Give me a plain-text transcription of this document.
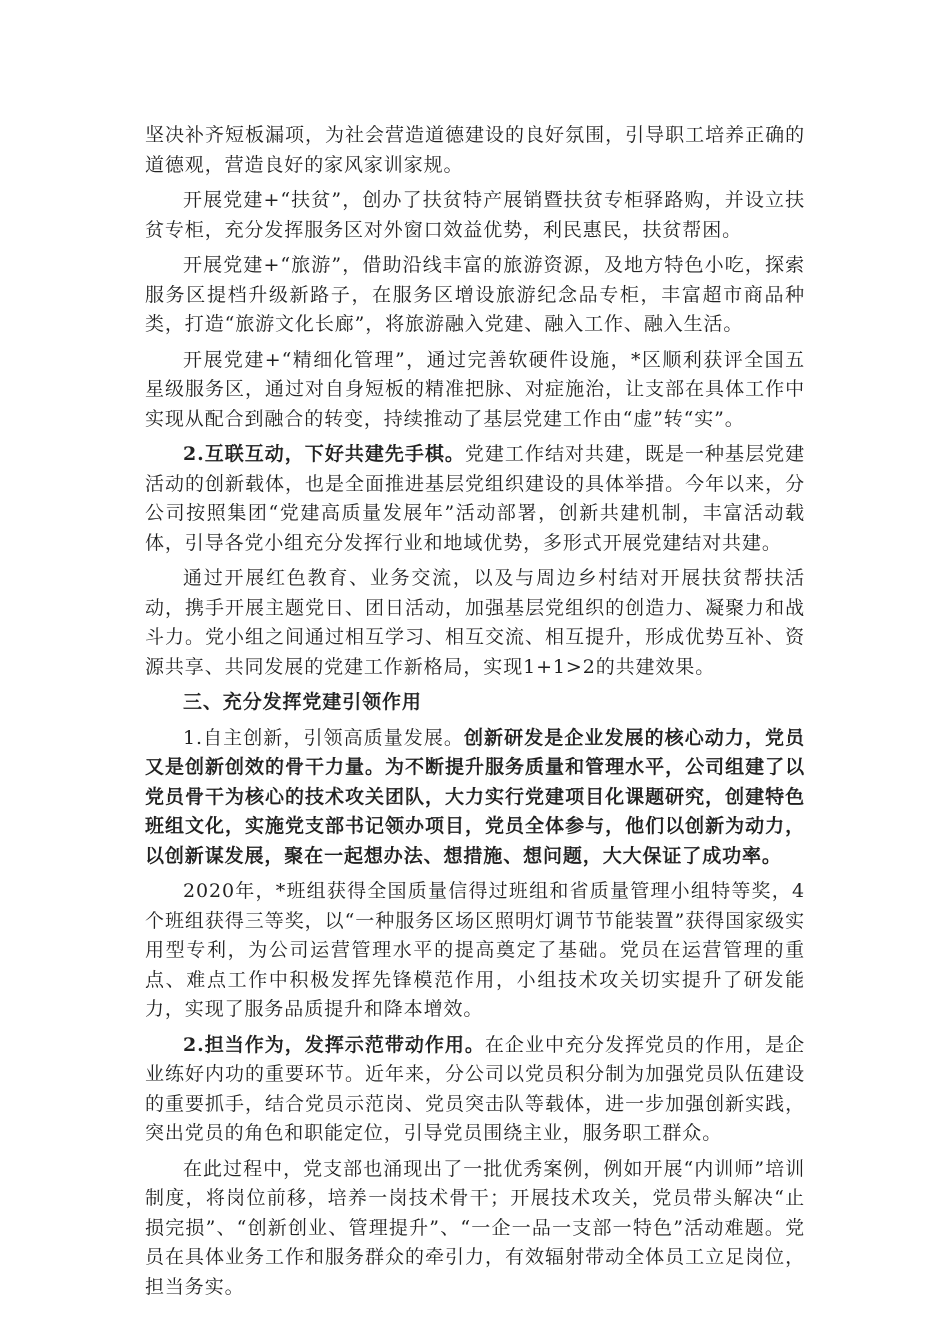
坚决补齐短板漏项，为社会营造道德建设的良好氛围，引导职工培养正确的道德观，营造良好的家风家训家规。

开展党建+“扶贫”，创办了扶贫特产展销暨扶贫专柜驿路购，并设立扶贫专柜，充分发挥服务区对外窗口效益优势，利民惠民，扶贫帮困。

开展党建+“旅游”，借助沿线丰富的旅游资源，及地方特色小吃，探索服务区提档升级新路子，在服务区增设旅游纪念品专柜，丰富超市商品种类，打造“旅游文化长廊”，将旅游融入党建、融入工作、融入生活。

开展党建+“精细化管理”，通过完善软硬件设施，*区顺利获评全国五星级服务区，通过对自身短板的精准把脉、对症施治，让支部在具体工作中实现从配合到融合的转变，持续推动了基层党建工作由“虚”转“实”。

2.互联互动，下好共建先手棋。党建工作结对共建，既是一种基层党建活动的创新载体，也是全面推进基层党组织建设的具体举措。今年以来，分公司按照集团“党建高质量发展年”活动部署，创新共建机制，丰富活动载体，引导各党小组充分发挥行业和地域优势，多形式开展党建结对共建。

通过开展红色教育、业务交流，以及与周边乡村结对开展扶贫帮扶活动，携手开展主题党日、团日活动，加强基层党组织的创造力、凝聚力和战斗力。党小组之间通过相互学习、相互交流、相互提升，形成优势互补、资源共享、共同发展的党建工作新格局，实现1+1>2的共建效果。

三、充分发挥党建引领作用

1.自主创新，引领高质量发展。创新研发是企业发展的核心动力，党员又是创新创效的骨干力量。为不断提升服务质量和管理水平，公司组建了以党员骨干为核心的技术攻关团队，大力实行党建项目化课题研究，创建特色班组文化，实施党支部书记领办项目，党员全体参与，他们以创新为动力，以创新谋发展，聚在一起想办法、想措施、想问题，大大保证了成功率。

2020年，*班组获得全国质量信得过班组和省质量管理小组特等奖，4个班组获得三等奖，以“一种服务区场区照明灯调节节能装置”获得国家级实用型专利，为公司运营管理水平的提高奠定了基础。党员在运营管理的重点、难点工作中积极发挥先锋模范作用，小组技术攻关切实提升了研发能力，实现了服务品质提升和降本增效。

2.担当作为，发挥示范带动作用。在企业中充分发挥党员的作用，是企业练好内功的重要环节。近年来，分公司以党员积分制为加强党员队伍建设的重要抓手，结合党员示范岗、党员突击队等载体，进一步加强创新实践，突出党员的角色和职能定位，引导党员围绕主业，服务职工群众。

在此过程中，党支部也涌现出了一批优秀案例，例如开展“内训师”培训制度，将岗位前移，培养一岗技术骨干；开展技术攻关，党员带头解决“止损完损”、“创新创业、管理提升”、“一企一品一支部一特色”活动难题。党员在具体业务工作和服务群众的牵引力，有效辐射带动全体员工立足岗位，担当务实。
